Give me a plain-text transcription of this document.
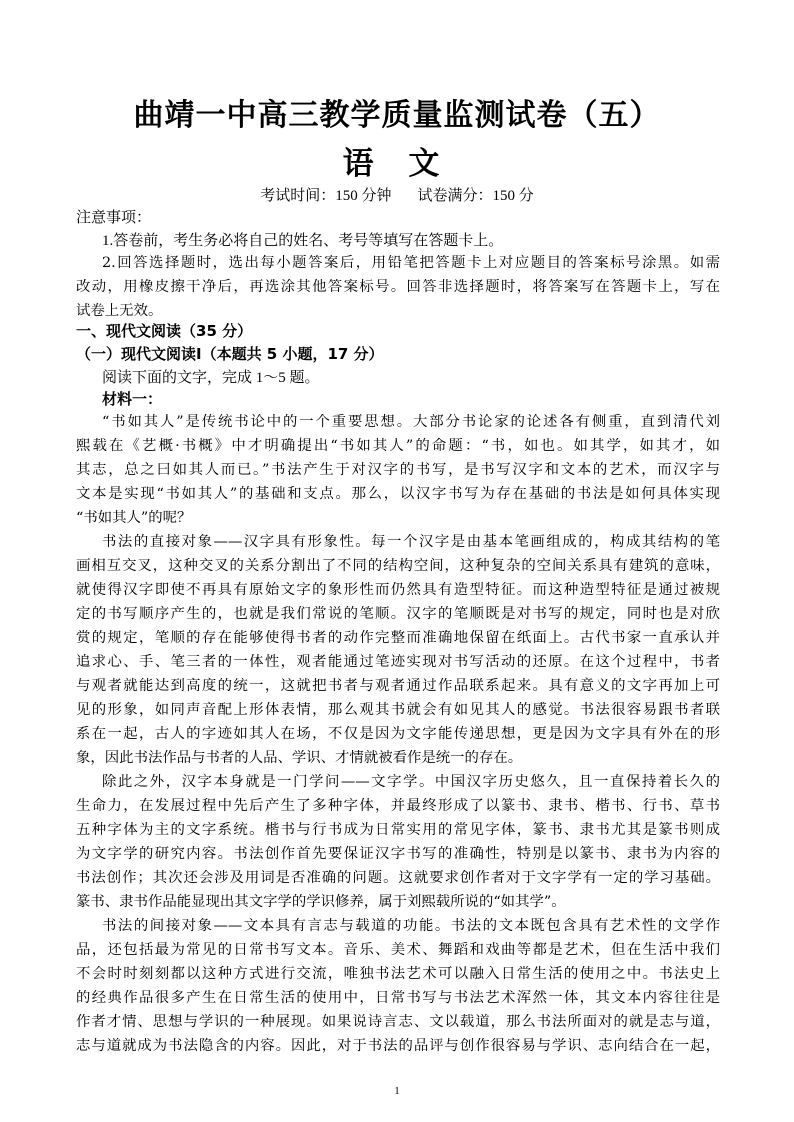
曲靖一中高三教学质量监测试卷（五）
语 文
考试时间：150 分钟 试卷满分：150 分
注意事项：
1.答卷前，考生务必将自己的姓名、考号等填写在答题卡上。
2.回答选择题时，选出每小题答案后，用铅笔把答题卡上对应题目的答案标号涂黑。如需
改动，用橡皮擦干净后，再选涂其他答案标号。回答非选择题时，将答案写在答题卡上，写在
试卷上无效。
一、现代文阅读（35 分）
（一）现代文阅读Ⅰ（本题共 5 小题，17 分）
阅读下面的文字，完成 1～5 题。
材料一：
“书如其人”是传统书论中的一个重要思想。大部分书论家的论述各有侧重，直到清代刘
熙载在《艺概·书概》中才明确提出“书如其人”的命题：“书，如也。如其学，如其才，如
其志，总之曰如其人而已。”书法产生于对汉字的书写，是书写汉字和文本的艺术，而汉字与
文本是实现“书如其人”的基础和支点。那么，以汉字书写为存在基础的书法是如何具体实现
“书如其人”的呢？
书法的直接对象——汉字具有形象性。每一个汉字是由基本笔画组成的，构成其结构的笔
画相互交叉，这种交叉的关系分割出了不同的结构空间，这种复杂的空间关系具有建筑的意味，
就使得汉字即使不再具有原始文字的象形性而仍然具有造型特征。而这种造型特征是通过被规
定的书写顺序产生的，也就是我们常说的笔顺。汉字的笔顺既是对书写的规定，同时也是对欣
赏的规定，笔顺的存在能够使得书者的动作完整而准确地保留在纸面上。古代书家一直承认并
追求心、手、笔三者的一体性，观者能通过笔迹实现对书写活动的还原。在这个过程中，书者
与观者就能达到高度的统一，这就把书者与观者通过作品联系起来。具有意义的文字再加上可
见的形象，如同声音配上形体表情，那么观其书就会有如见其人的感觉。书法很容易跟书者联
系在一起，古人的字迹如其人在场，不仅是因为文字能传递思想，更是因为文字具有外在的形
象，因此书法作品与书者的人品、学识、才情就被看作是统一的存在。
除此之外，汉字本身就是一门学问——文字学。中国汉字历史悠久，且一直保持着长久的
生命力，在发展过程中先后产生了多种字体，并最终形成了以篆书、隶书、楷书、行书、草书
五种字体为主的文字系统。楷书与行书成为日常实用的常见字体，篆书、隶书尤其是篆书则成
为文字学的研究内容。书法创作首先要保证汉字书写的准确性，特别是以篆书、隶书为内容的
书法创作；其次还会涉及用词是否准确的问题。这就要求创作者对于文字学有一定的学习基础。
篆书、隶书作品能显现出其文字学的学识修养，属于刘熙载所说的“如其学”。
书法的间接对象——文本具有言志与载道的功能。书法的文本既包含具有艺术性的文学作
品，还包括最为常见的日常书写文本。音乐、美术、舞蹈和戏曲等都是艺术，但在生活中我们
不会时时刻刻都以这种方式进行交流，唯独书法艺术可以融入日常生活的使用之中。书法史上
的经典作品很多产生在日常生活的使用中，日常书写与书法艺术浑然一体，其文本内容往往是
作者才情、思想与学识的一种展现。如果说诗言志、文以载道，那么书法所面对的就是志与道，
志与道就成为书法隐含的内容。因此，对于书法的品评与创作很容易与学识、志向结合在一起，
1
